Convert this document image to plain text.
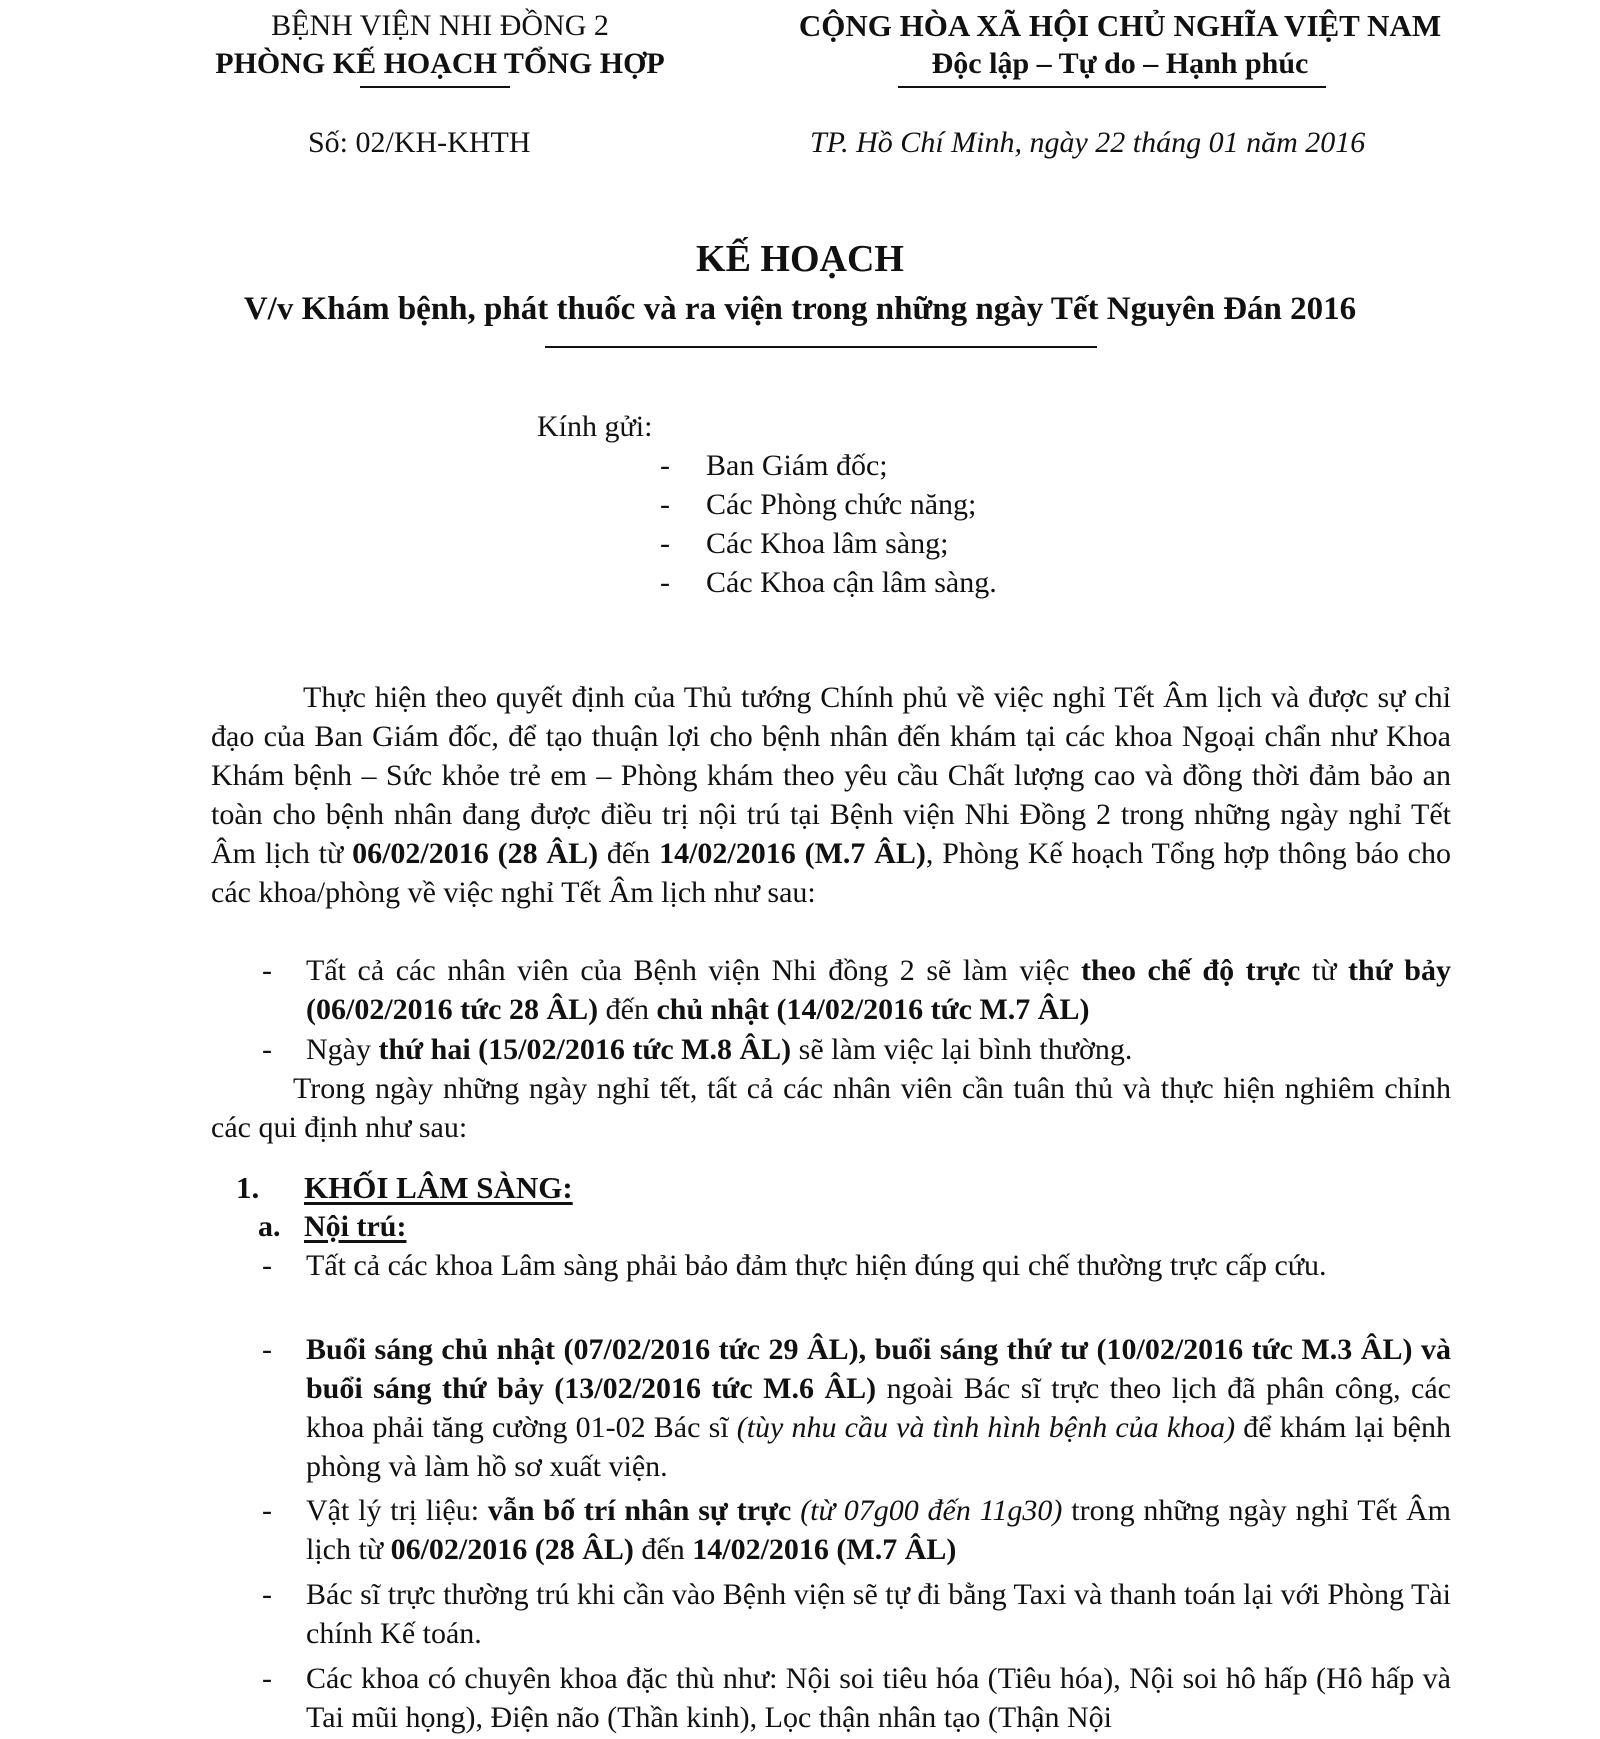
BỆNH VIỆN NHI ĐỒNG 2
PHÒNG KẾ HOẠCH TỔNG HỢP
CỘNG HÒA XÃ HỘI CHỦ NGHĨA VIỆT NAM
Độc lập – Tự do – Hạnh phúc
Số: 02/KH-KHTH	TP. Hồ Chí Minh, ngày 22 tháng 01 năm 2016
KẾ HOẠCH
V/v Khám bệnh, phát thuốc và ra viện trong những ngày Tết Nguyên Đán 2016
Kính gửi:
- Ban Giám đốc;
- Các Phòng chức năng;
- Các Khoa lâm sàng;
- Các Khoa cận lâm sàng.
Thực hiện theo quyết định của Thủ tướng Chính phủ về việc nghỉ Tết Âm lịch và được sự chỉ đạo của Ban Giám đốc, để tạo thuận lợi cho bệnh nhân đến khám tại các khoa Ngoại chẩn như Khoa Khám bệnh – Sức khỏe trẻ em – Phòng khám theo yêu cầu Chất lượng cao và đồng thời đảm bảo an toàn cho bệnh nhân đang được điều trị nội trú tại Bệnh viện Nhi Đồng 2 trong những ngày nghỉ Tết Âm lịch từ 06/02/2016 (28 ÂL) đến 14/02/2016 (M.7 ÂL), Phòng Kế hoạch Tổng hợp thông báo cho các khoa/phòng về việc nghỉ Tết Âm lịch như sau:
- Tất cả các nhân viên của Bệnh viện Nhi đồng 2 sẽ làm việc theo chế độ trực từ thứ bảy (06/02/2016 tức 28 ÂL) đến chủ nhật (14/02/2016 tức M.7 ÂL)
- Ngày thứ hai (15/02/2016 tức M.8 ÂL) sẽ làm việc lại bình thường.
Trong ngày những ngày nghỉ tết, tất cả các nhân viên cần tuân thủ và thực hiện nghiêm chỉnh các qui định như sau:
1. KHỐI LÂM SÀNG:
a. Nội trú:
- Tất cả các khoa Lâm sàng phải bảo đảm thực hiện đúng qui chế thường trực cấp cứu.
- Buổi sáng chủ nhật (07/02/2016 tức 29 ÂL), buổi sáng thứ tư (10/02/2016 tức M.3 ÂL) và buổi sáng thứ bảy (13/02/2016 tức M.6 ÂL) ngoài Bác sĩ trực theo lịch đã phân công, các khoa phải tăng cường 01-02 Bác sĩ (tùy nhu cầu và tình hình bệnh của khoa) để khám lại bệnh phòng và làm hồ sơ xuất viện.
- Vật lý trị liệu: vẫn bố trí nhân sự trực (từ 07g00 đến 11g30) trong những ngày nghỉ Tết Âm lịch từ 06/02/2016 (28 ÂL) đến 14/02/2016 (M.7 ÂL)
- Bác sĩ trực thường trú khi cần vào Bệnh viện sẽ tự đi bằng Taxi và thanh toán lại với Phòng Tài chính Kế toán.
- Các khoa có chuyên khoa đặc thù như: Nội soi tiêu hóa (Tiêu hóa), Nội soi hô hấp (Hô hấp và Tai mũi họng), Điện não (Thần kinh), Lọc thận nhân tạo (Thận Nội
